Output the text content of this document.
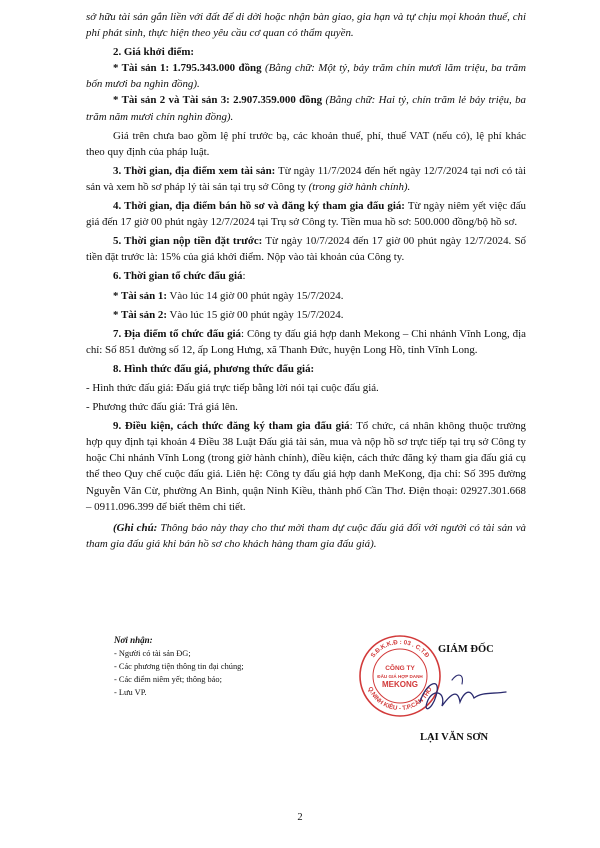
sở hữu tài sản gắn liền với đất để di dời hoặc nhận bàn giao, gia hạn và tự chịu mọi khoản thuế, chi phí phát sinh, thực hiện theo yêu cầu cơ quan có thẩm quyền.

2. Giá khởi điểm:

* Tài sản 1: 1.795.343.000 đồng (Bằng chữ: Một tỷ, bảy trăm chín mươi lăm triệu, ba trăm bốn mươi ba nghìn đồng).

* Tài sản 2 và Tài sản 3: 2.907.359.000 đồng (Bằng chữ: Hai tỷ, chín trăm lẻ bảy triệu, ba trăm năm mươi chín nghìn đồng).

Giá trên chưa bao gồm lệ phí trước bạ, các khoản thuế, phí, thuế VAT (nếu có), lệ phí khác theo quy định của pháp luật.

3. Thời gian, địa điểm xem tài sản: Từ ngày 11/7/2024 đến hết ngày 12/7/2024 tại nơi có tài sản và xem hồ sơ pháp lý tài sản tại trụ sở Công ty (trong giờ hành chính).

4. Thời gian, địa điểm bán hồ sơ và đăng ký tham gia đấu giá: Từ ngày niêm yết việc đấu giá đến 17 giờ 00 phút ngày 12/7/2024 tại Trụ sở Công ty. Tiền mua hồ sơ: 500.000 đồng/bộ hồ sơ.

5. Thời gian nộp tiền đặt trước: Từ ngày 10/7/2024 đến 17 giờ 00 phút ngày 12/7/2024. Số tiền đặt trước là: 15% của giá khởi điểm. Nộp vào tài khoản của Công ty.

6. Thời gian tổ chức đấu giá:

* Tài sản 1: Vào lúc 14 giờ 00 phút ngày 15/7/2024.

* Tài sản 2: Vào lúc 15 giờ 00 phút ngày 15/7/2024.

7. Địa điểm tổ chức đấu giá: Công ty đấu giá hợp danh Mekong – Chi nhánh Vĩnh Long, địa chỉ: Số 851 đường số 12, ấp Long Hưng, xã Thanh Đức, huyện Long Hồ, tỉnh Vĩnh Long.

8. Hình thức đấu giá, phương thức đấu giá:

- Hình thức đấu giá: Đấu giá trực tiếp bằng lời nói tại cuộc đấu giá.

- Phương thức đấu giá: Trả giá lên.

9. Điều kiện, cách thức đăng ký tham gia đấu giá: Tổ chức, cá nhân không thuộc trường hợp quy định tại khoản 4 Điều 38 Luật Đấu giá tài sản, mua và nộp hồ sơ trực tiếp tại trụ sở Công ty hoặc Chi nhánh Vĩnh Long (trong giờ hành chính), điều kiện, cách thức đăng ký tham gia đấu giá cụ thể theo Quy chế cuộc đấu giá. Liên hệ: Công ty đấu giá hợp danh MeKong, địa chỉ: Số 395 đường Nguyễn Văn Cừ, phường An Bình, quận Ninh Kiều, thành phố Cần Thơ. Điện thoại: 02927.301.668 – 0911.096.399 để biết thêm chi tiết.

(Ghi chú: Thông báo này thay cho thư mời tham dự cuộc đấu giá đối với người có tài sản và tham gia đấu giá khi bán hồ sơ cho khách hàng tham gia đấu giá).

Nơi nhận:
- Người có tài sản ĐG;
- Các phương tiện thông tin đại chúng;
- Các điểm niêm yết; thông báo;
- Lưu VP.
S.Đ.K.K.Đ : 03 . C.T.Đ
Q.NINH KIỀU - T.P.CẦN THƠ
CÔNG TY
ĐẤU GIÁ HỢP DANH
MEKONG
GIÁM ĐỐC
LẠI VĂN SƠN
2
